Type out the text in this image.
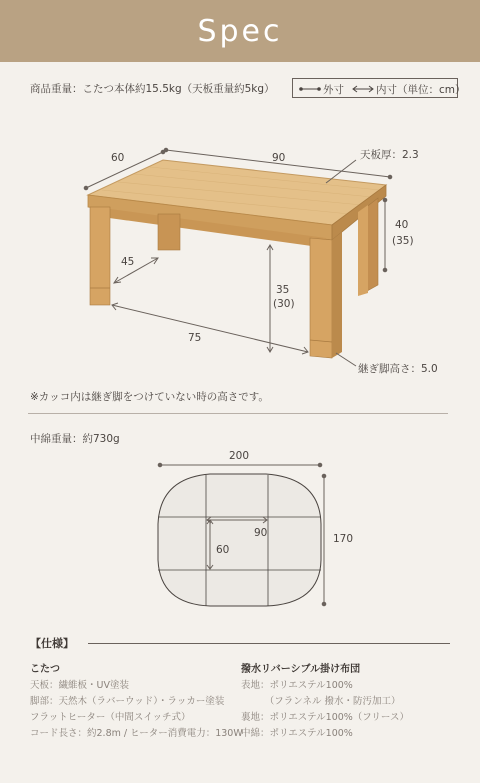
Spec
商品重量：こたつ本体約15.5kg（天板重量約5kg）	外寸	内寸 （単位：cm）
60	90	天板厚：2.3
40
(35)
45
35
(30)
75
継ぎ脚高さ：5.0
※カッコ内は継ぎ脚をつけていない時の高さです。
中綿重量：約730g
200
170
90
60
【仕様】
こたつ
天板：繊維板・UV塗装
脚部：天然木（ラバーウッド）・ラッカー塗装
フラットヒーター（中間スイッチ式）
コード長さ：約2.8m / ヒーター消費電力：130W
撥水リバーシブル掛け布団
表地：ポリエステル100%
　　　（フランネル 撥水・防汚加工）
裏地：ポリエステル100%（フリース）
中綿：ポリエステル100%
